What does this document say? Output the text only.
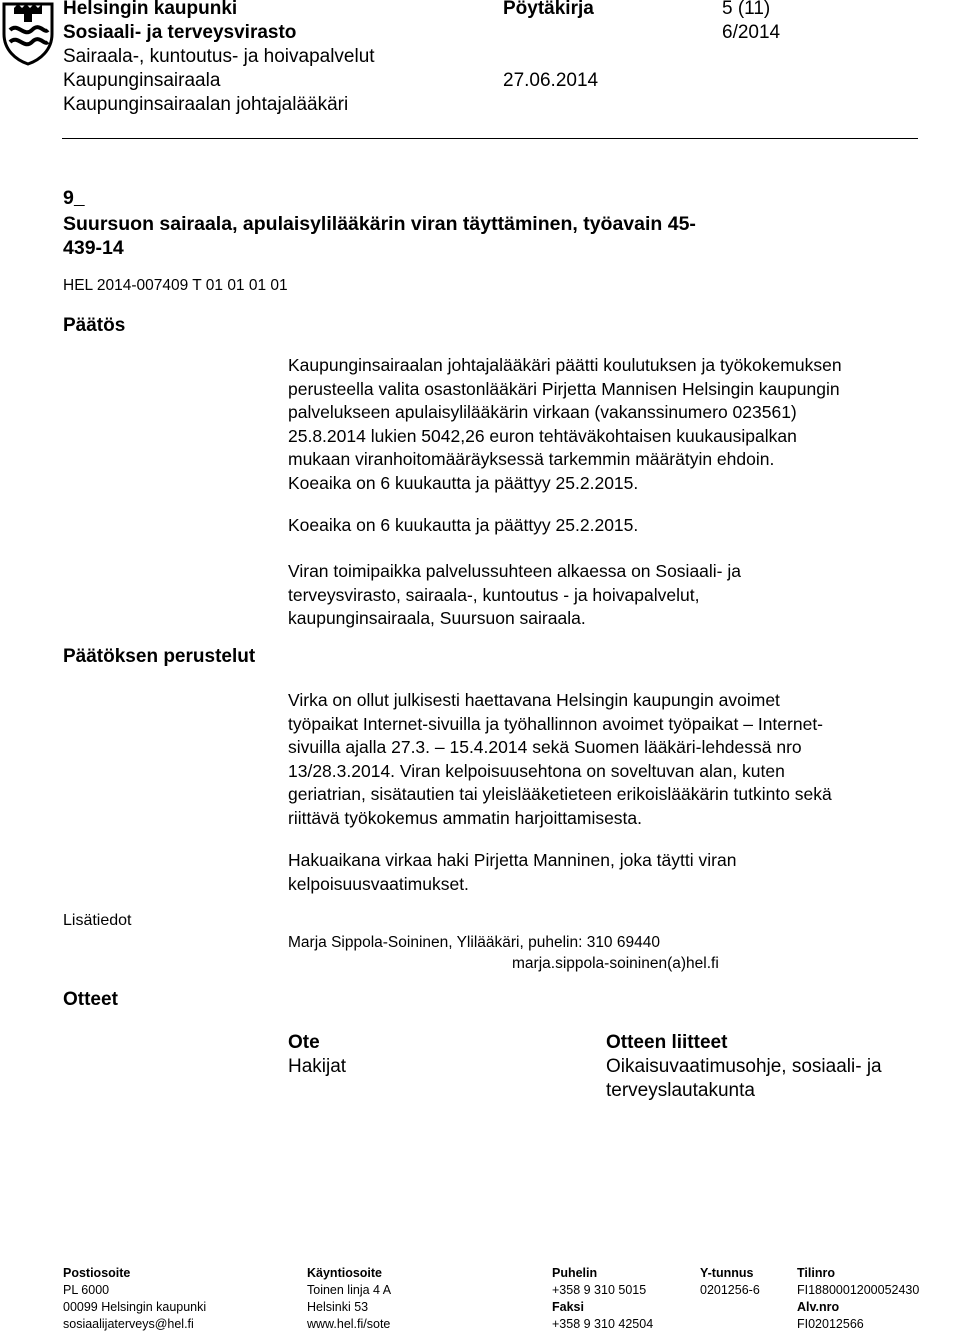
Helsingin kaupunki
Sosiaali- ja terveysvirasto
Sairaala-, kuntoutus- ja hoivapalvelut
Kaupunginsairaala
Kaupunginsairaalan johtajalääkäri
Pöytäkirja	5 (11)
6/2014
27.06.2014
9
Suursuon sairaala, apulaisylilääkärin viran täyttäminen, työavain 45-
439-14
HEL 2014-007409 T 01 01 01 01
Päätös
Päätöksen perustelut
Lisätiedot
Otteet
Kaupunginsairaalan johtajalääkäri päätti koulutuksen ja työkokemuksen
perusteella valita osastonlääkäri Pirjetta Mannisen Helsingin kaupungin
palvelukseen apulaisylilääkärin virkaan (vakanssinumero 023561)
25.8.2014 lukien 5042,26 euron tehtäväkohtaisen kuukausipalkan
mukaan viranhoitomääräyksessä tarkemmin määrätyin ehdoin.
Koeaika on 6 kuukautta ja päättyy 25.2.2015.
Koeaika on 6 kuukautta ja päättyy 25.2.2015.
Viran toimipaikka palvelussuhteen alkaessa on Sosiaali- ja
terveysvirasto, sairaala-, kuntoutus - ja hoivapalvelut,
kaupunginsairaala, Suursuon sairaala.
Virka on ollut julkisesti haettavana Helsingin kaupungin avoimet
työpaikat Internet-sivuilla ja työhallinnon avoimet työpaikat – Internet-
sivuilla ajalla 27.3. – 15.4.2014 sekä Suomen lääkäri-lehdessä nro
13/28.3.2014. Viran kelpoisuusehtona on soveltuvan alan, kuten
geriatrian, sisätautien tai yleislääketieteen erikoislääkärin tutkinto sekä
riittävä työkokemus ammatin harjoittamisesta.
Hakuaikana virkaa haki Pirjetta Manninen, joka täytti viran
kelpoisuusvaatimukset.
Marja Sippola-Soininen, Ylilääkäri, puhelin: 310 69440
marja.sippola-soininen(a)hel.fi
Ote
Hakijat
Otteen liitteet
Oikaisuvaatimusohje, sosiaali- ja
terveyslautakunta
Postiosoite
PL 6000
00099 Helsingin kaupunki
sosiaalijaterveys@hel.fi
Käyntiosoite
Toinen linja 4 A
Helsinki 53
www.hel.fi/sote
Puhelin
+358 9 310 5015
Faksi
+358 9 310 42504
Y-tunnus
0201256-6
Tilinro
FI1880001200052430
Alv.nro
FI02012566
